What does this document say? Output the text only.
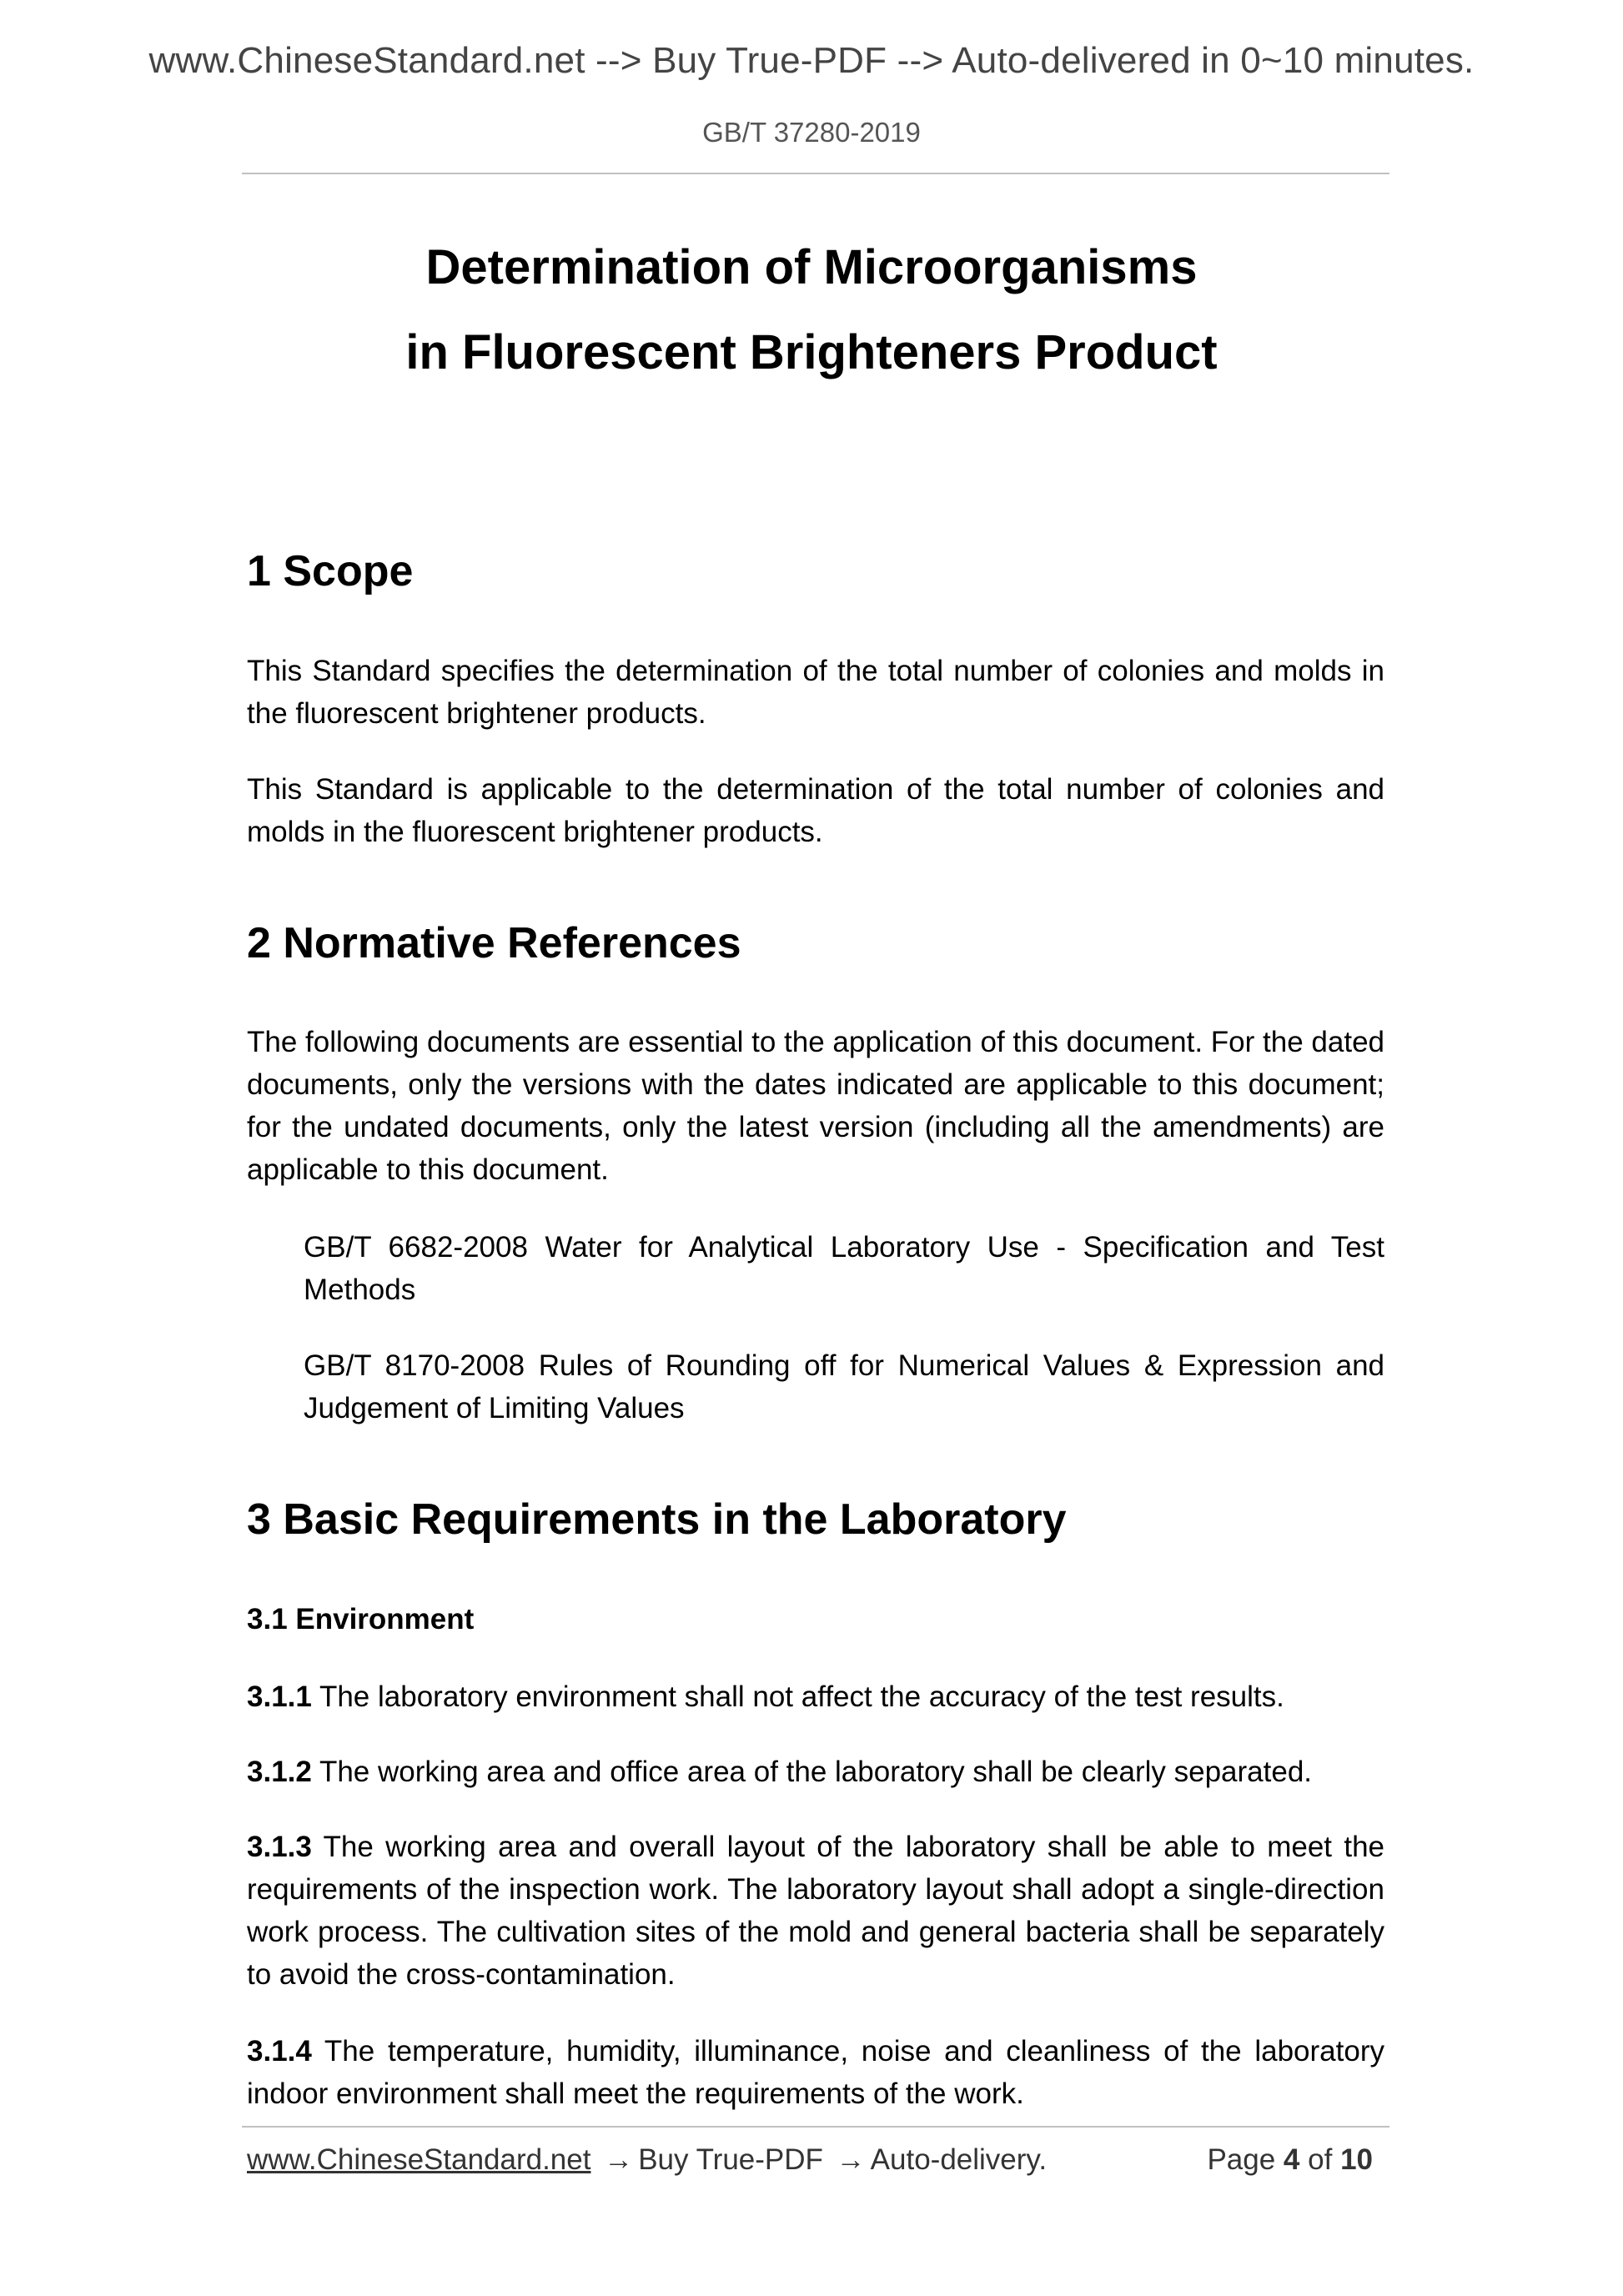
www.ChineseStandard.net --> Buy True-PDF --> Auto-delivered in 0~10 minutes.
GB/T 37280-2019
Determination of Microorganisms
in Fluorescent Brighteners Product
1 Scope
This Standard specifies the determination of the total number of colonies and molds in the fluorescent brightener products.
This Standard is applicable to the determination of the total number of colonies and molds in the fluorescent brightener products.
2 Normative References
The following documents are essential to the application of this document. For the dated documents, only the versions with the dates indicated are applicable to this document; for the undated documents, only the latest version (including all the amendments) are applicable to this document.
GB/T 6682-2008 Water for Analytical Laboratory Use - Specification and Test Methods
GB/T 8170-2008 Rules of Rounding off for Numerical Values & Expression and Judgement of Limiting Values
3 Basic Requirements in the Laboratory
3.1 Environment
3.1.1 The laboratory environment shall not affect the accuracy of the test results.
3.1.2 The working area and office area of the laboratory shall be clearly separated.
3.1.3 The working area and overall layout of the laboratory shall be able to meet the requirements of the inspection work. The laboratory layout shall adopt a single-direction work process. The cultivation sites of the mold and general bacteria shall be separately to avoid the cross-contamination.
3.1.4 The temperature, humidity, illuminance, noise and cleanliness of the laboratory indoor environment shall meet the requirements of the work.
www.ChineseStandard.net → Buy True-PDF → Auto-delivery.	Page 4 of 10
